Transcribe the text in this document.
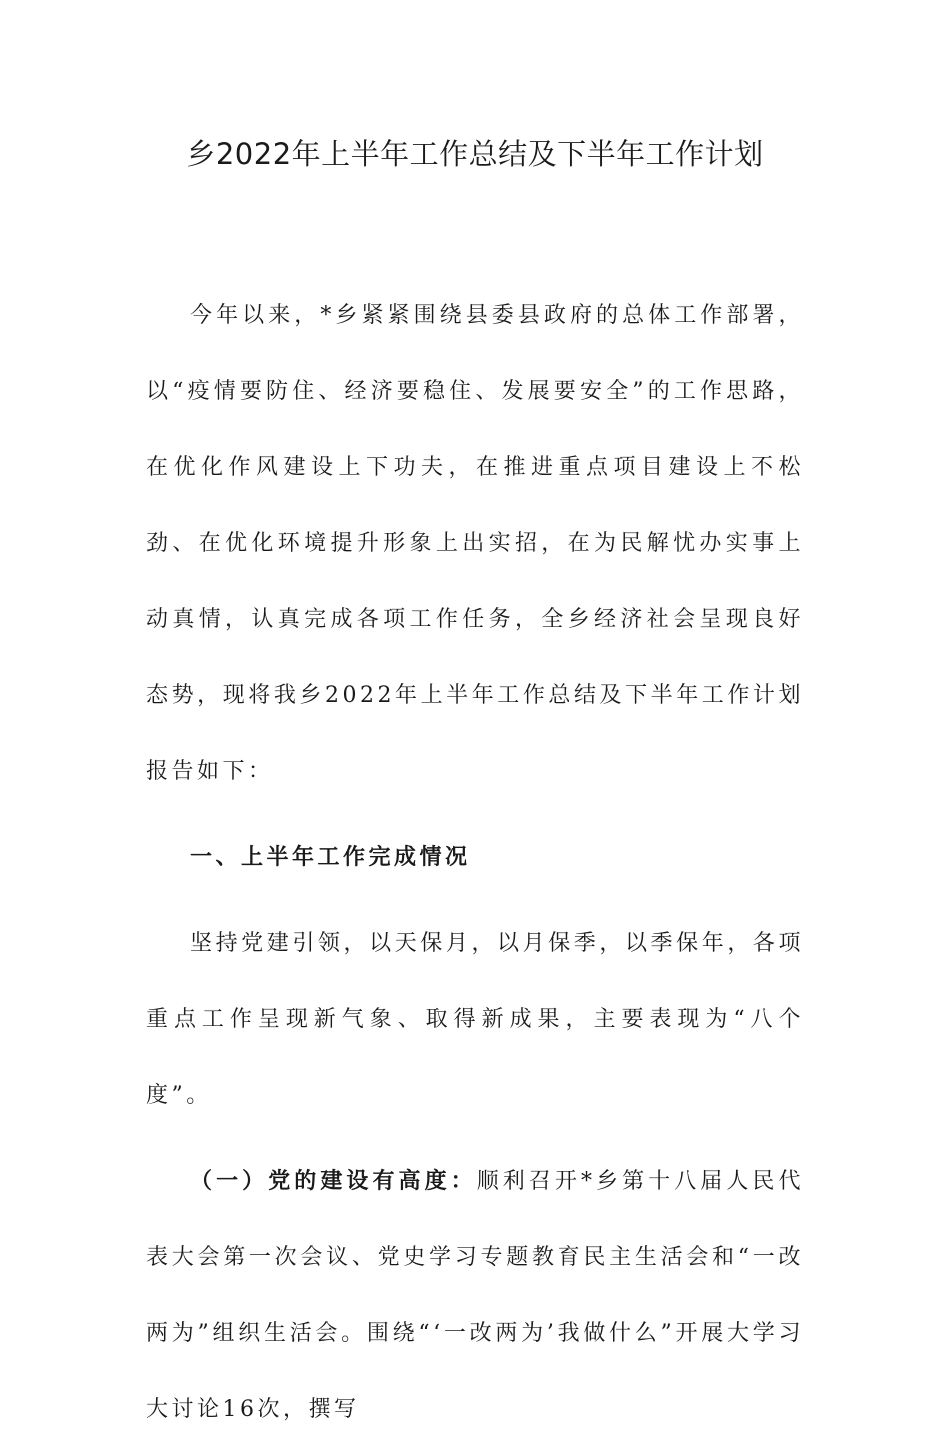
乡2022年上半年工作总结及下半年工作计划

今年以来，*乡紧紧围绕县委县政府的总体工作部署，以“疫情要防住、经济要稳住、发展要安全”的工作思路，在优化作风建设上下功夫，在推进重点项目建设上不松劲、在优化环境提升形象上出实招，在为民解忧办实事上动真情，认真完成各项工作任务，全乡经济社会呈现良好态势，现将我乡2022年上半年工作总结及下半年工作计划报告如下：

一、上半年工作完成情况

坚持党建引领，以天保月，以月保季，以季保年，各项重点工作呈现新气象、取得新成果，主要表现为“八个度”。

（一）党的建设有高度：顺利召开*乡第十八届人民代表大会第一次会议、党史学习专题教育民主生活会和“一改两为”组织生活会。围绕“‘一改两为’我做什么”开展大学习大讨论16次，撰写
